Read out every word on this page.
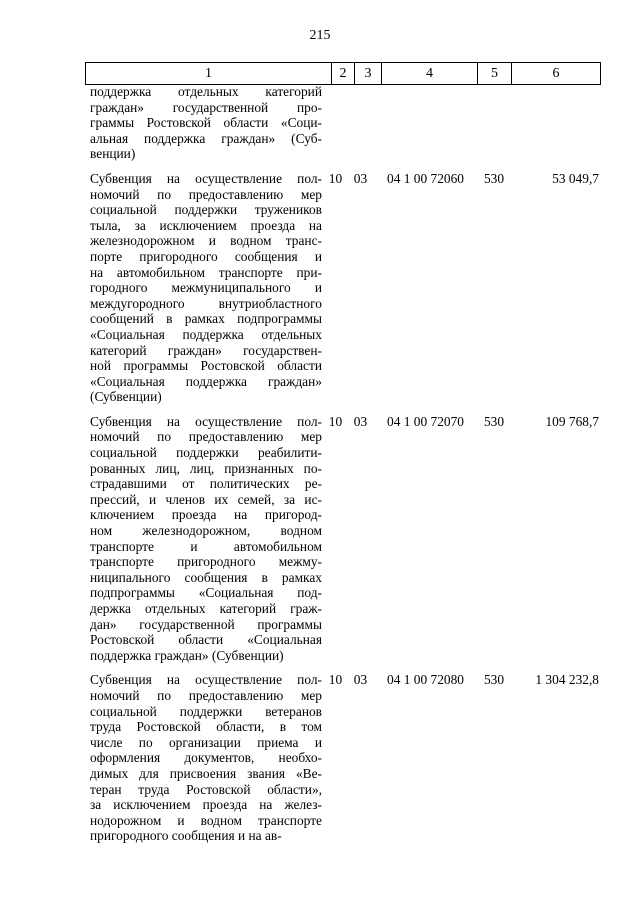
215
1	2	3	4	5	6
поддержка отдельных категорий
граждан» государственной про-
граммы Ростовской области «Соци-
альная поддержка граждан» (Суб-
венции)
Субвенция на осуществление пол-
номочий по предоставлению мер
социальной поддержки тружеников
тыла, за исключением проезда на
железнодорожном и водном транс-
порте пригородного сообщения и
на автомобильном транспорте при-
городного межмуниципального и
междугородного внутриобластного
сообщений в рамках подпрограммы
«Социальная поддержка отдельных
категорий граждан» государствен-
ной программы Ростовской области
«Социальная поддержка граждан»
(Субвенции)
10 03	04 1 00 72060	530	53 049,7
Субвенция на осуществление пол-
номочий по предоставлению мер
социальной поддержки реабилити-
рованных лиц, лиц, признанных по-
страдавшими от политических ре-
прессий, и членов их семей, за ис-
ключением проезда на пригород-
ном железнодорожном, водном
транспорте и автомобильном
транспорте пригородного межму-
ниципального сообщения в рамках
подпрограммы «Социальная под-
держка отдельных категорий граж-
дан» государственной программы
Ростовской области «Социальная
поддержка граждан» (Субвенции)
10 03	04 1 00 72070	530	109 768,7
Субвенция на осуществление пол-
номочий по предоставлению мер
социальной поддержки ветеранов
труда Ростовской области, в том
числе по организации приема и
оформления документов, необхо-
димых для присвоения звания «Ве-
теран труда Ростовской области»,
за исключением проезда на желез-
нодорожном и водном транспорте
пригородного сообщения и на ав-
10 03	04 1 00 72080	530	1 304 232,8
